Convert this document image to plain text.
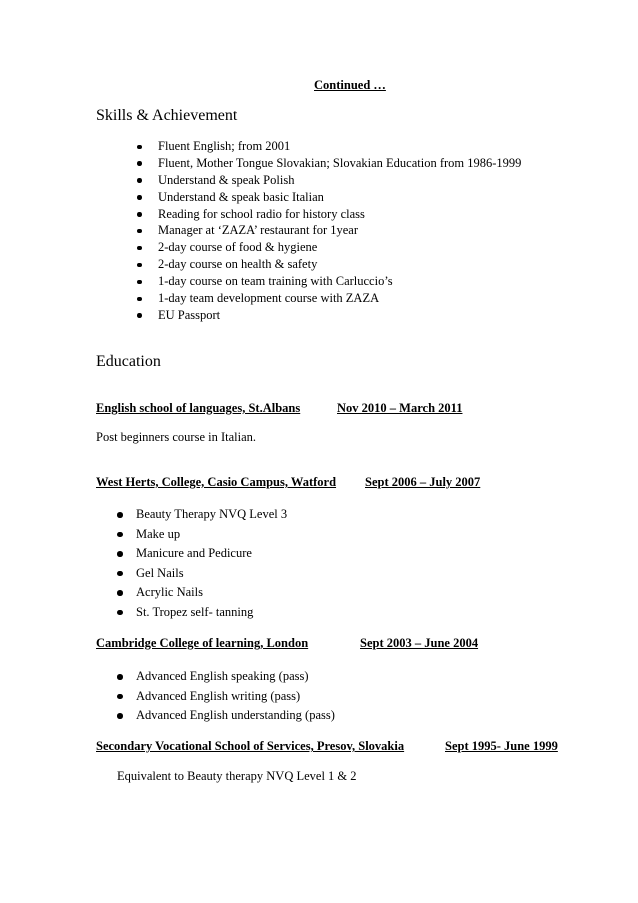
Continued …
Skills & Achievement
Fluent English; from 2001
Fluent, Mother Tongue Slovakian; Slovakian Education from 1986-1999
Understand & speak Polish
Understand & speak basic Italian
Reading for school radio for history class
Manager at ‘ZAZA’ restaurant for 1year
2-day course of food & hygiene
2-day course on health & safety
1-day course on team training with Carluccio’s
1-day team development course with ZAZA
EU Passport
Education
English school of languages, St.Albans	Nov 2010 – March 2011
Post beginners course in Italian.
West Herts, College, Casio Campus, Watford Sept 2006 – July 2007
Beauty Therapy NVQ Level 3
Make up
Manicure and Pedicure
Gel Nails
Acrylic Nails
St. Tropez self- tanning
Cambridge College of learning, London	Sept 2003 – June 2004
Advanced English speaking (pass)
Advanced English writing (pass)
Advanced English understanding (pass)
Secondary Vocational School of Services, Presov, Slovakia	Sept 1995- June 1999
Equivalent to Beauty therapy NVQ Level 1 & 2
